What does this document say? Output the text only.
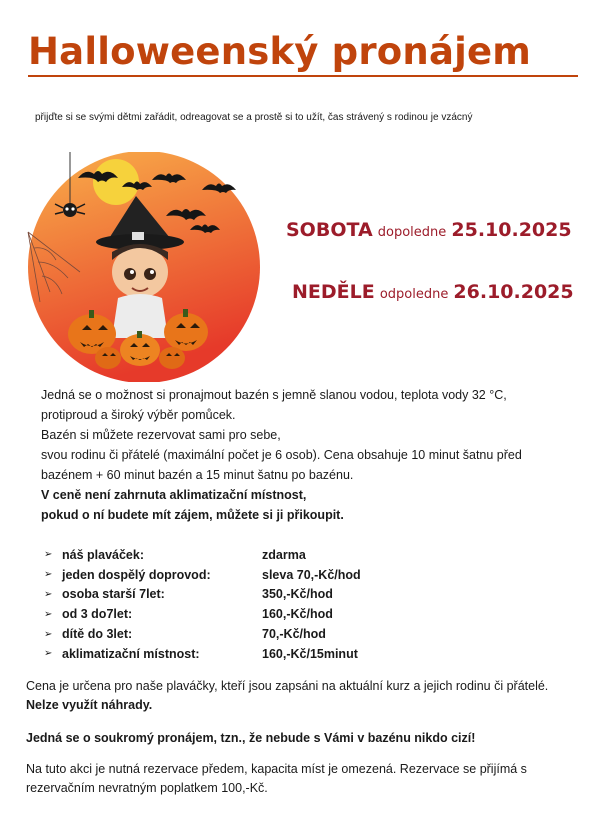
Halloweenský pronájem
přijďte si se svými dětmi zařádit, odreagovat se a prostě si to užít, čas strávený s rodinou je vzácný
SOBOTA dopoledne 25.10.2025
NEDĚLE odpoledne 26.10.2025
Jedná se o možnost si pronajmout bazén s jemně slanou vodou, teplota vody 32 °C,
protiproud a široký výběr pomůcek.
Bazén si můžete rezervovat sami pro sebe,
svou rodinu či přátelé (maximální počet je 6 osob). Cena obsahuje 10 minut šatnu před
bazénem + 60 minut bazén a 15 minut šatnu po bazénu.
V ceně není zahrnuta aklimatizační místnost,
pokud o ní budete mít zájem, můžete si ji přikoupit.
➢ náš plaváček:	zdarma
➢ jeden dospělý doprovod:	sleva 70,-Kč/hod
➢ osoba starší 7let:	350,-Kč/hod
➢ od 3 do7let:	160,-Kč/hod
➢ dítě do 3let:	70,-Kč/hod
➢ aklimatizační místnost:	160,-Kč/15minut
Cena je určena pro naše plaváčky, kteří jsou zapsáni na aktuální kurz a jejich rodinu či přátelé.
Nelze využít náhrady.
Jedná se o soukromý pronájem, tzn., že nebude s Vámi v bazénu nikdo cizí!
Na tuto akci je nutná rezervace předem, kapacita míst je omezená. Rezervace se přijímá s rezervačním nevratným poplatkem 100,-Kč.
